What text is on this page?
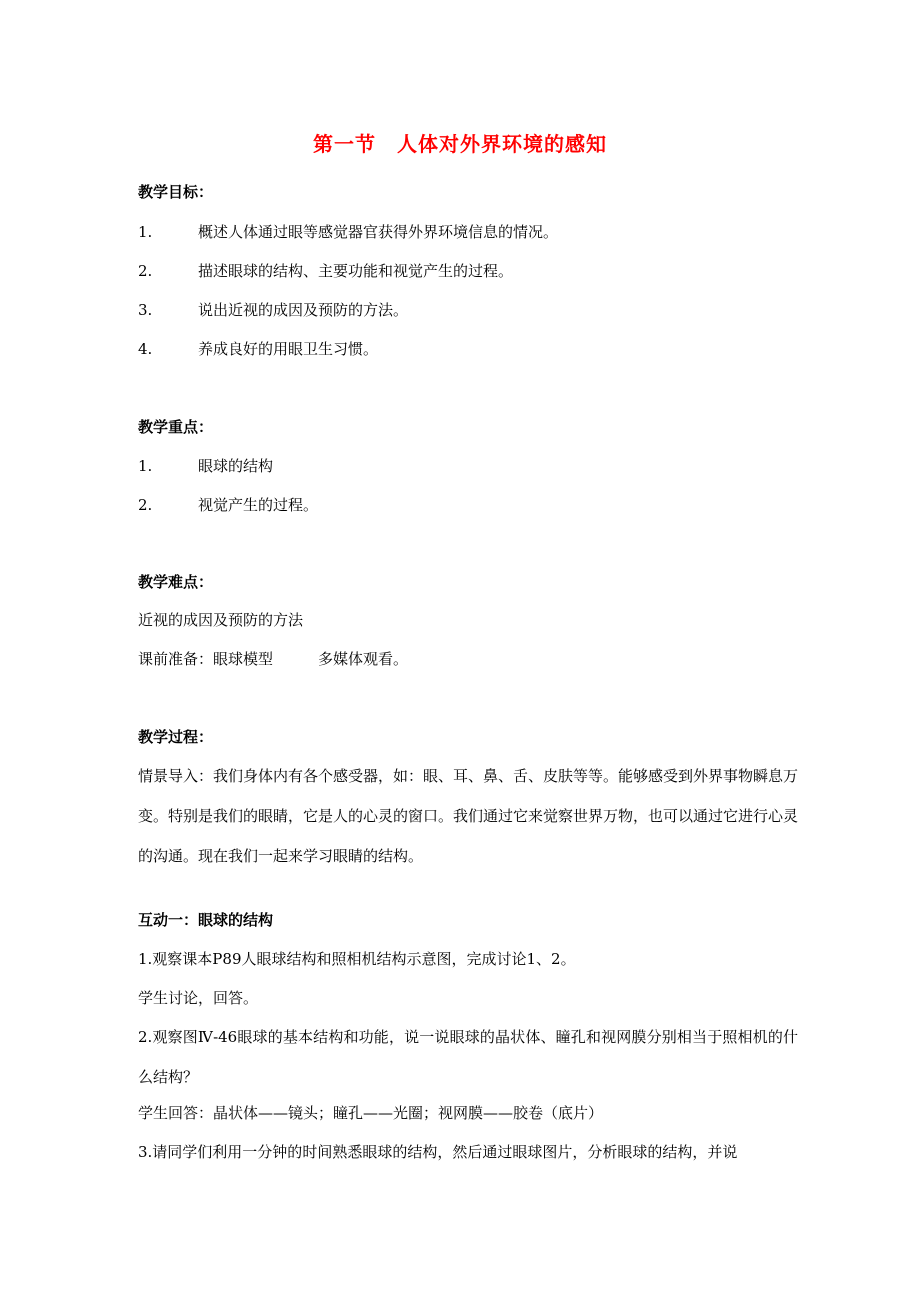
第一节　人体对外界环境的感知
教学目标：
1.	概述人体通过眼等感觉器官获得外界环境信息的情况。
2.	描述眼球的结构、主要功能和视觉产生的过程。
3.	说出近视的成因及预防的方法。
4.	养成良好的用眼卫生习惯。
教学重点：
1.	眼球的结构
2.	视觉产生的过程。
教学难点：
近视的成因及预防的方法
课前准备：眼球模型　　　多媒体观看。
教学过程：
情景导入：我们身体内有各个感受器，如：眼、耳、鼻、舌、皮肤等等。能够感受到外界事物瞬息万变。特别是我们的眼睛，它是人的心灵的窗口。我们通过它来觉察世界万物，也可以通过它进行心灵的沟通。现在我们一起来学习眼睛的结构。
互动一：眼球的结构
1.观察课本P89人眼球结构和照相机结构示意图，完成讨论1、2。
学生讨论，回答。
2.观察图Ⅳ-46眼球的基本结构和功能，说一说眼球的晶状体、瞳孔和视网膜分别相当于照相机的什么结构？
学生回答：晶状体——镜头；瞳孔——光圈；视网膜——胶卷（底片）
3.请同学们利用一分钟的时间熟悉眼球的结构，然后通过眼球图片，分析眼球的结构，并说
